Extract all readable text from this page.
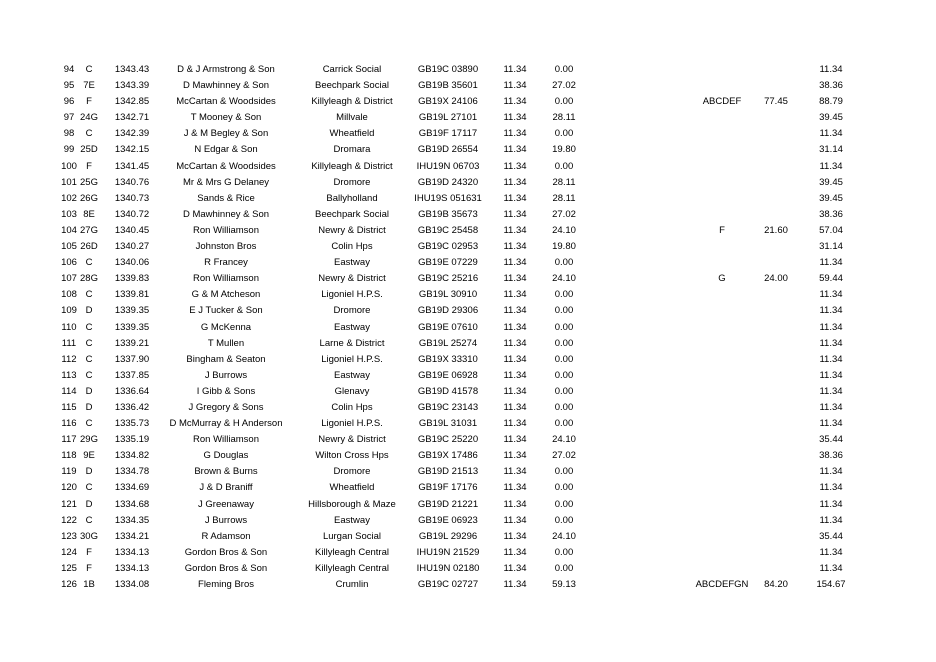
94	C	1343.43	D & J Armstrong & Son	Carrick Social	GB19C 03890	11.34	0.00	11.34
95 7E	1343.39	D Mawhinney & Son	Beechpark Social	GB19B 35601	11.34	27.02	38.36
96	F	1342.85	McCartan & Woodsides	Killyleagh & District	GB19X 24106	11.34	0.00	ABCDEF	77.45	88.79
97 24G	1342.71	T Mooney & Son	Millvale	GB19L 27101	11.34	28.11	39.45
98	C	1342.39	J & M Begley & Son	Wheatfield	GB19F 17117	11.34	0.00	11.34
99 25D	1342.15	N Edgar & Son	Dromara	GB19D 26554	11.34	19.80	31.14
100 F	1341.45	McCartan & Woodsides	Killyleagh & District	IHU19N 06703	11.34	0.00	11.34
101 25G	1340.76	Mr & Mrs G Delaney	Dromore	GB19D 24320	11.34	28.11	39.45
102 26G	1340.73	Sands & Rice	Ballyholland	IHU19S 051631	11.34	28.11	39.45
103 8E	1340.72	D Mawhinney & Son	Beechpark Social	GB19B 35673	11.34	27.02	38.36
104 27G	1340.45	Ron Williamson	Newry & District	GB19C 25458	11.34	24.10	F	21.60	57.04
105 26D	1340.27	Johnston Bros	Colin Hps	GB19C 02953	11.34	19.80	31.14
106 C	1340.06	R Francey	Eastway	GB19E 07229	11.34	0.00	11.34
107 28G	1339.83	Ron Williamson	Newry & District	GB19C 25216	11.34	24.10	G	24.00	59.44
108 C	1339.81	G & M Atcheson	Ligoniel H.P.S.	GB19L 30910	11.34	0.00	11.34
109 D	1339.35	E J Tucker & Son	Dromore	GB19D 29306	11.34	0.00	11.34
110 C	1339.35	G McKenna	Eastway	GB19E 07610	11.34	0.00	11.34
111 C	1339.21	T Mullen	Larne & District	GB19L 25274	11.34	0.00	11.34
112 C	1337.90	Bingham & Seaton	Ligoniel H.P.S.	GB19X 33310	11.34	0.00	11.34
113 C	1337.85	J Burrows	Eastway	GB19E 06928	11.34	0.00	11.34
114 D	1336.64	I Gibb & Sons	Glenavy	GB19D 41578	11.34	0.00	11.34
115 D	1336.42	J Gregory & Sons	Colin Hps	GB19C 23143	11.34	0.00	11.34
116 C	1335.73	D McMurray & H Anderson	Ligoniel H.P.S.	GB19L 31031	11.34	0.00	11.34
117 29G	1335.19	Ron Williamson	Newry & District	GB19C 25220	11.34	24.10	35.44
118 9E	1334.82	G Douglas	Wilton Cross Hps	GB19X 17486	11.34	27.02	38.36
119 D	1334.78	Brown & Burns	Dromore	GB19D 21513	11.34	0.00	11.34
120 C	1334.69	J & D Braniff	Wheatfield	GB19F 17176	11.34	0.00	11.34
121 D	1334.68	J Greenaway	Hillsborough & Maze	GB19D 21221	11.34	0.00	11.34
122 C	1334.35	J Burrows	Eastway	GB19E 06923	11.34	0.00	11.34
123 30G	1334.21	R Adamson	Lurgan Social	GB19L 29296	11.34	24.10	35.44
124 F	1334.13	Gordon Bros & Son	Killyleagh Central	IHU19N 21529	11.34	0.00	11.34
125 F	1334.13	Gordon Bros & Son	Killyleagh Central	IHU19N 02180	11.34	0.00	11.34
126 1B	1334.08	Fleming Bros	Crumlin	GB19C 02727	11.34	59.13	ABCDEFGN	84.20	154.67
